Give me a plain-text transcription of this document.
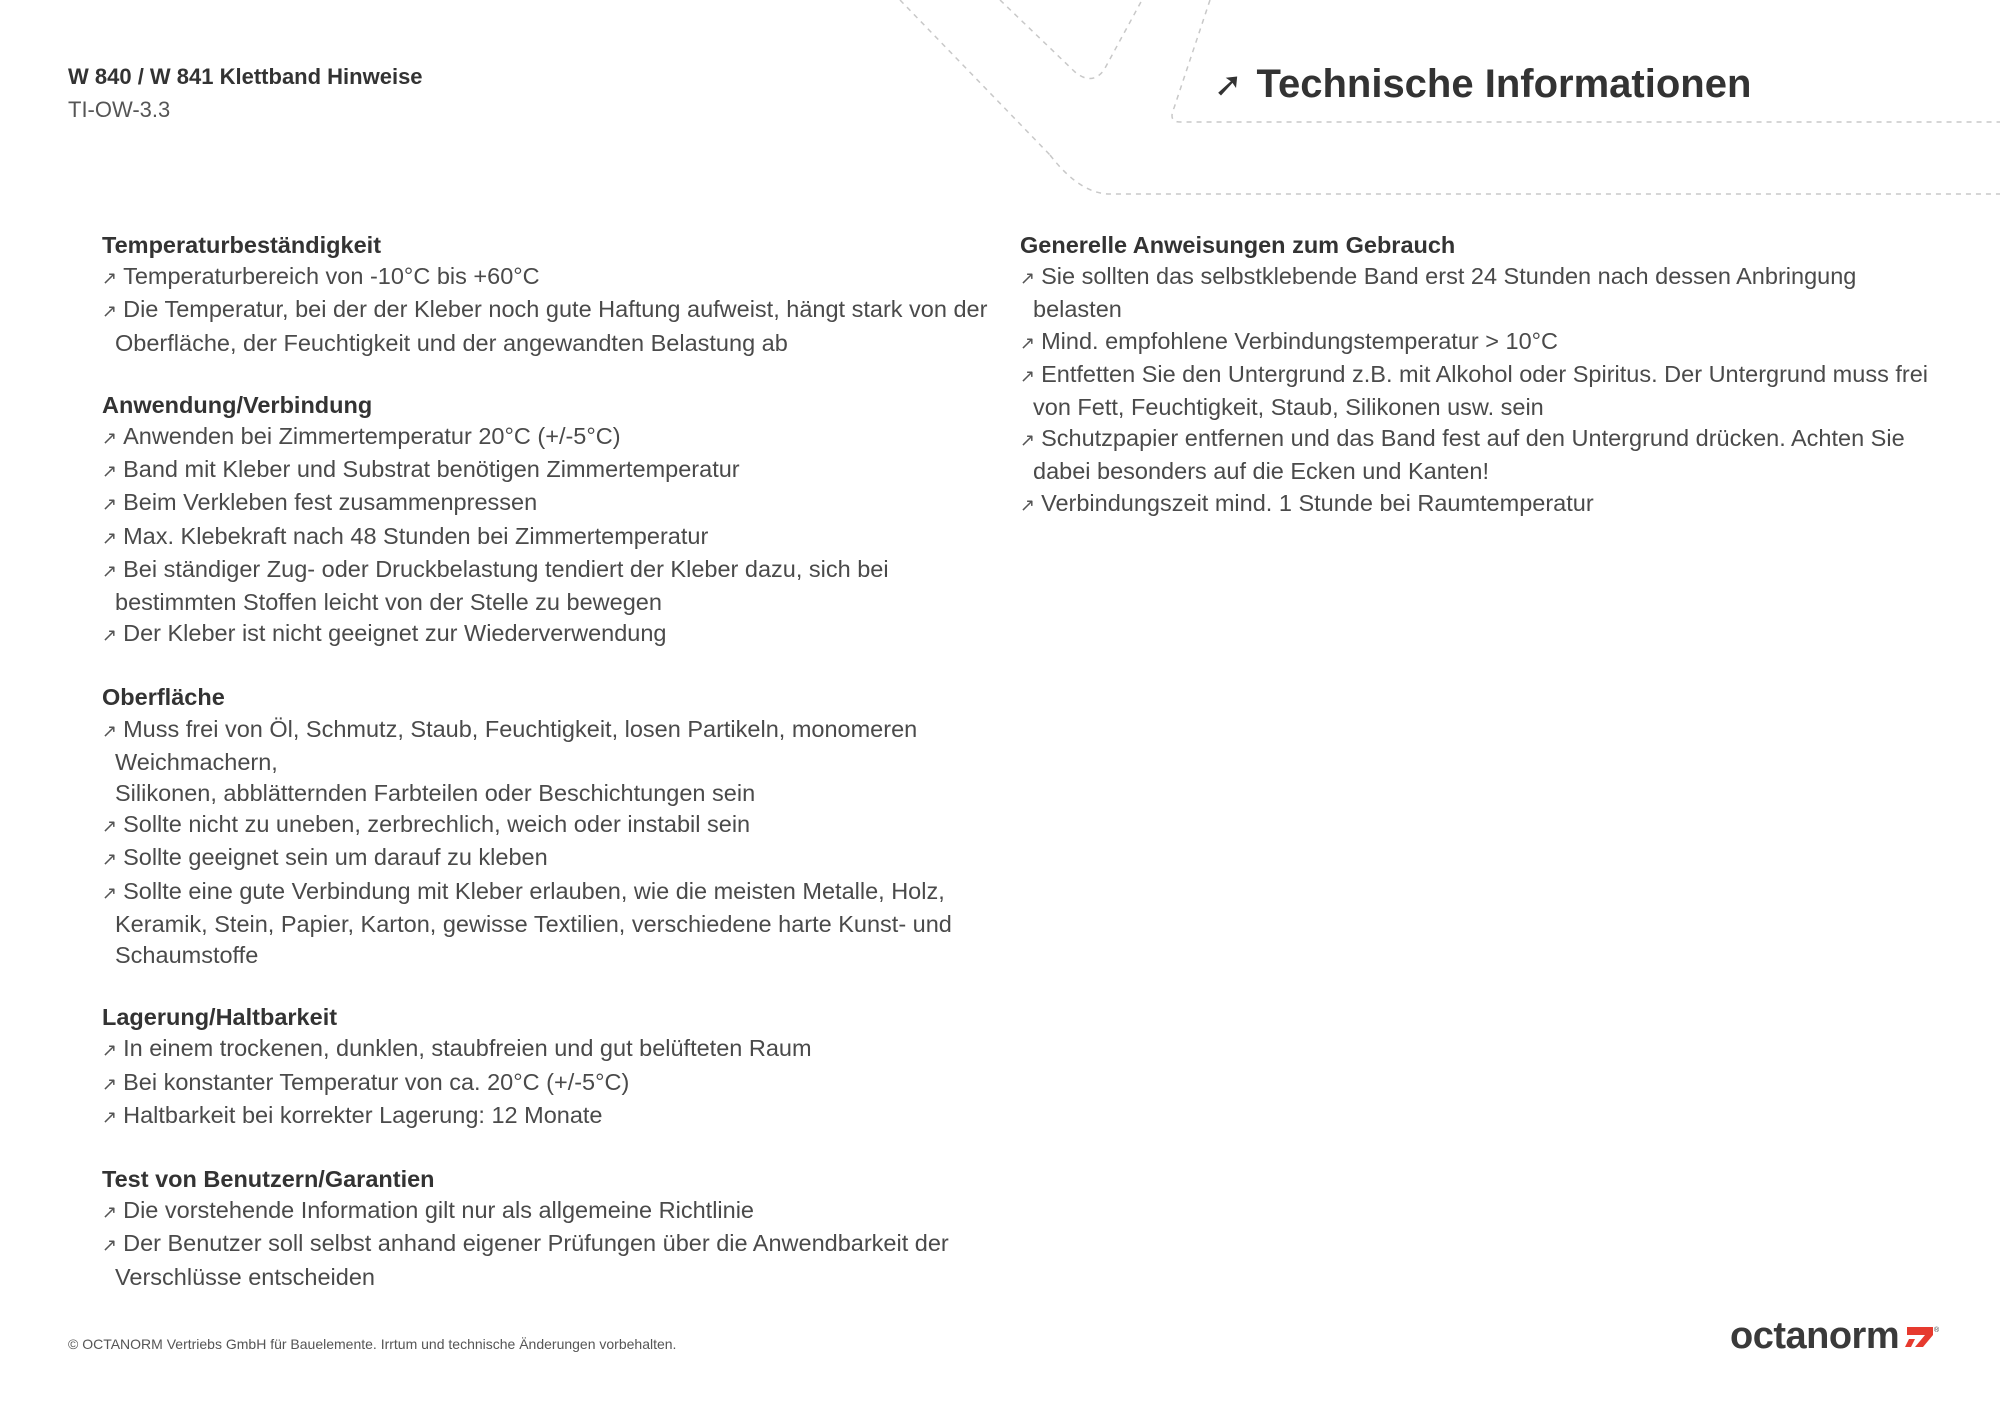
W 840 / W 841 Klettband Hinweise
TI-OW-3.3
➚ Technische Informationen
Temperaturbeständigkeit
↗ Temperaturbereich von -10°C bis +60°C
↗ Die Temperatur, bei der der Kleber noch gute Haftung aufweist, hängt stark von der Oberfläche, der Feuchtigkeit und der angewandten Belastung ab
Anwendung/Verbindung
↗ Anwenden bei Zimmertemperatur 20°C (+/-5°C)
↗ Band mit Kleber und Substrat benötigen Zimmertemperatur
↗ Beim Verkleben fest zusammenpressen
↗ Max. Klebekraft nach 48 Stunden bei Zimmertemperatur
↗ Bei ständiger Zug- oder Druckbelastung tendiert der Kleber dazu, sich bei bestimmten Stoffen leicht von der Stelle zu bewegen
↗ Der Kleber ist nicht geeignet zur Wiederverwendung
Oberfläche
↗ Muss frei von Öl, Schmutz, Staub, Feuchtigkeit, losen Partikeln, monomeren Weichmachern,
Silikonen, abblätternden Farbteilen oder Beschichtungen sein
↗ Sollte nicht zu uneben, zerbrechlich, weich oder instabil sein
↗ Sollte geeignet sein um darauf zu kleben
↗ Sollte eine gute Verbindung mit Kleber erlauben, wie die meisten Metalle, Holz, Keramik, Stein, Papier, Karton, gewisse Textilien, verschiedene harte Kunst- und Schaumstoffe
Lagerung/Haltbarkeit
↗ In einem trockenen, dunklen, staubfreien und gut belüfteten Raum
↗ Bei konstanter Temperatur von ca. 20°C (+/-5°C)
↗ Haltbarkeit bei korrekter Lagerung: 12 Monate
Test von Benutzern/Garantien
↗ Die vorstehende Information gilt nur als allgemeine Richtlinie
↗ Der Benutzer soll selbst anhand eigener Prüfungen über die Anwendbarkeit der Verschlüsse entscheiden
Generelle Anweisungen zum Gebrauch
↗ Sie sollten das selbstklebende Band erst 24 Stunden nach dessen Anbringung belasten
↗ Mind. empfohlene Verbindungstemperatur > 10°C
↗ Entfetten Sie den Untergrund z.B. mit Alkohol oder Spiritus. Der Untergrund muss frei von Fett, Feuchtigkeit, Staub, Silikonen usw. sein
↗ Schutzpapier entfernen und das Band fest auf den Untergrund drücken. Achten Sie dabei besonders auf die Ecken und Kanten!
↗ Verbindungszeit mind. 1 Stunde bei Raumtemperatur
© OCTANORM Vertriebs GmbH für Bauelemente. Irrtum und technische Änderungen vorbehalten.	octanorm	®
